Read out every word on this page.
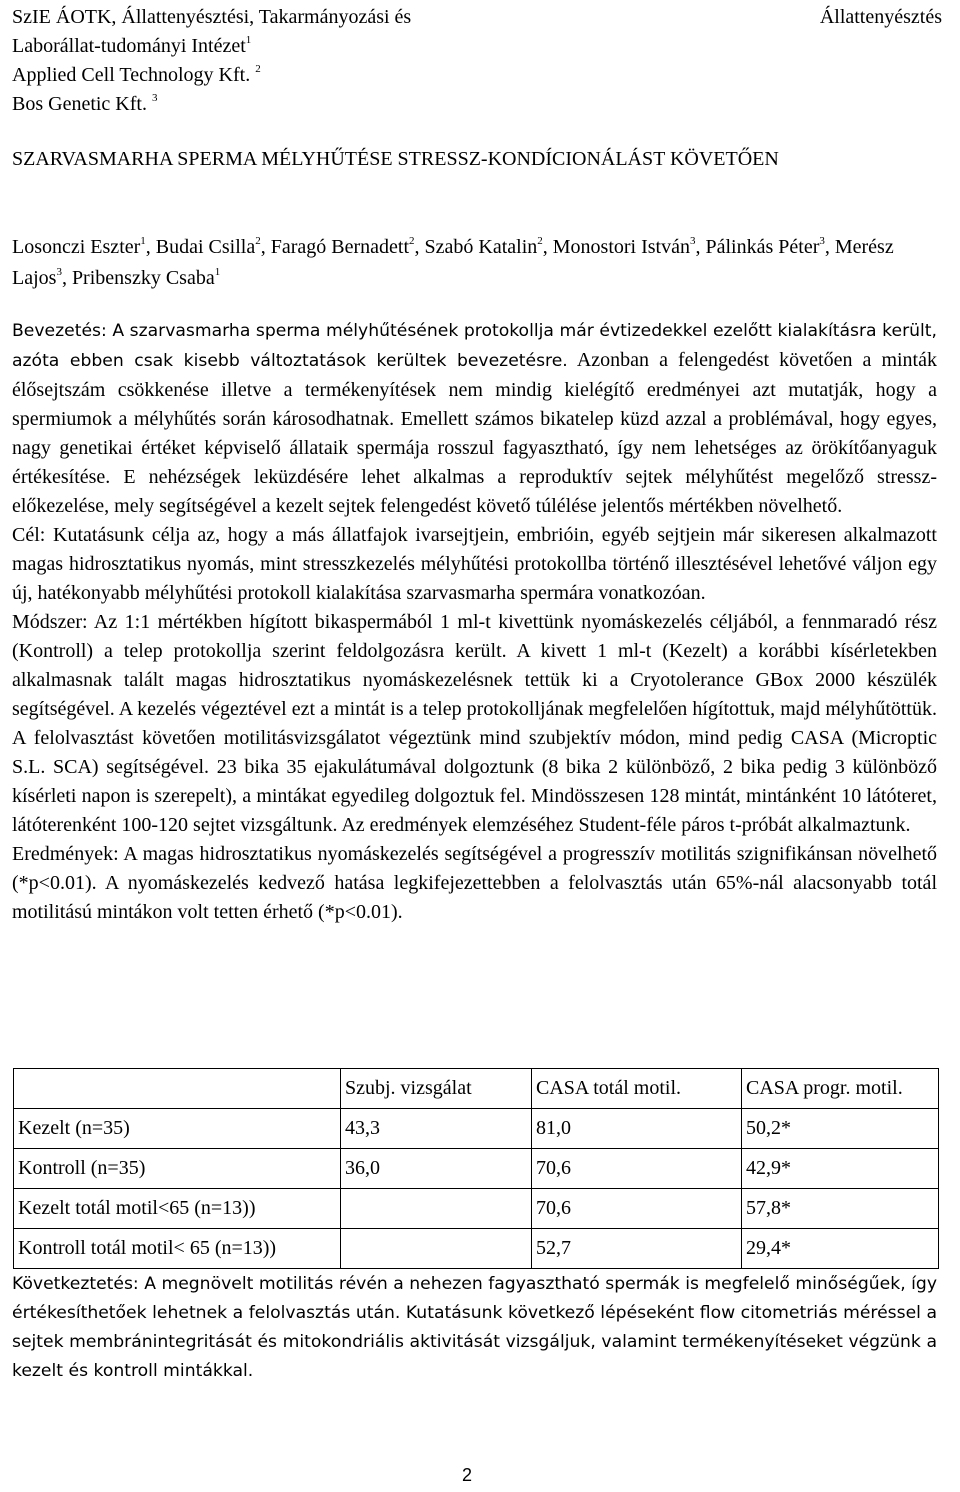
SzIE ÁOTK, Állattenyésztési, Takarmányozási és
Laborállat-tudományi Intézet$^1$
Applied Cell Technology Kft. $^2$
Bos Genetic Kft. $^3$
Állattenyésztés
SZARVASMARHA SPERMA MÉLYHŰTÉSE STRESSZ-KONDÍCIONÁLÁST KÖVETŐEN
Losonczi Eszter$^1$, Budai Csilla$^2$, Faragó Bernadett$^2$, Szabó Katalin$^2$, Monostori István$^3$, Pálinkás Péter$^3$, Merész Lajos$^3$, Pribenszky Csaba$^1$

Bevezetés: A szarvasmarha sperma mélyhűtésének protokollja már évtizedekkel ezelőtt kialakításra került, azóta ebben csak kisebb változtatások kerültek bevezetésre. Azonban a felengedést követően a minták élősejtszám csökkenése illetve a termékenyítések nem mindig kielégítő eredményei azt mutatják, hogy a spermiumok a mélyhűtés során károsodhatnak. Emellett számos bikatelep küzd azzal a problémával, hogy egyes, nagy genetikai értéket képviselő állataik spermája rosszul fagyasztható, így nem lehetséges az örökítőanyaguk értékesítése. E nehézségek leküzdésére lehet alkalmas a reproduktív sejtek mélyhűtést megelőző stressz-előkezelése, mely segítségével a kezelt sejtek felengedést követő túlélése jelentős mértékben növelhető.

Cél: Kutatásunk célja az, hogy a más állatfajok ivarsejtjein, embrióin, egyéb sejtjein már sikeresen alkalmazott magas hidrosztatikus nyomás, mint stresszkezelés mélyhűtési protokollba történő illesztésével lehetővé váljon egy új, hatékonyabb mélyhűtési protokoll kialakítása szarvasmarha spermára vonatkozóan.

Módszer: Az 1:1 mértékben hígított bikaspermából 1 ml-t kivettünk nyomáskezelés céljából, a fennmaradó rész (Kontroll) a telep protokollja szerint feldolgozásra került. A kivett 1 ml-t (Kezelt) a korábbi kísérletekben alkalmasnak talált magas hidrosztatikus nyomáskezelésnek tettük ki a Cryotolerance GBox 2000 készülék segítségével. A kezelés végeztével ezt a mintát is a telep protokolljának megfelelően hígítottuk, majd mélyhűtöttük. A felolvasztást követően motilitásvizsgálatot végeztünk mind szubjektív módon, mind pedig CASA (Microptic S.L. SCA) segítségével. 23 bika 35 ejakulátumával dolgoztunk (8 bika 2 különböző, 2 bika pedig 3 különböző kísérleti napon is szerepelt), a mintákat egyedileg dolgoztuk fel. Mindösszesen 128 mintát, mintánként 10 látóteret, látóterenként 100-120 sejtet vizsgáltunk. Az eredmények elemzéséhez Student-féle páros t-próbát alkalmaztunk.

Eredmények: A magas hidrosztatikus nyomáskezelés segítségével a progresszív motilitás szignifikánsan növelhető (*p<0.01). A nyomáskezelés kedvező hatása legkifejezettebben a felolvasztás után 65%-nál alacsonyabb totál motilitású mintákon volt tetten érhető (*p<0.01).

	Szubj. vizsgálat	CASA totál motil.	CASA progr. motil.
Kezelt (n=35)	43,3	81,0	50,2*
Kontroll (n=35)	36,0	70,6	42,9*
Kezelt totál motil<65 (n=13))		70,6	57,8*
Kontroll totál motil< 65 (n=13))		52,7	29,4*

Következtetés: A megnövelt motilitás révén a nehezen fagyasztható spermák is megfelelő minőségűek, így értékesíthetőek lehetnek a felolvasztás után. Kutatásunk következő lépéseként flow citometriás méréssel a sejtek membránintegritását és mitokondriális aktivitását vizsgáljuk, valamint termékenyítéseket végzünk a kezelt és kontroll mintákkal.

2
